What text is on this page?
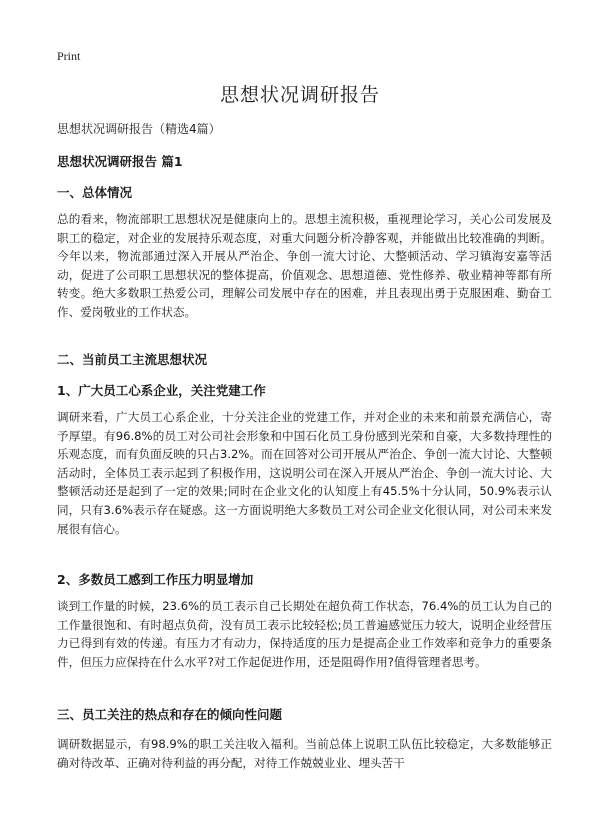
Print
思想状况调研报告
思想状况调研报告（精选4篇）
思想状况调研报告 篇1
一、总体情况

总的看来，物流部职工思想状况是健康向上的。思想主流积极，重视理论学习，关心公司发展及职工的稳定，对企业的发展持乐观态度，对重大问题分析冷静客观，并能做出比较准确的判断。今年以来，物流部通过深入开展从严治企、争创一流大讨论、大整顿活动、学习镇海安嘉等活动，促进了公司职工思想状况的整体提高，价值观念、思想道德、党性修养、敬业精神等都有所转变。绝大多数职工热爱公司，理解公司发展中存在的困难，并且表现出勇于克服困难、勤奋工作、爱岗敬业的工作状态。

二、当前员工主流思想状况
1、广大员工心系企业，关注党建工作

调研来看，广大员工心系企业，十分关注企业的党建工作，并对企业的未来和前景充满信心，寄予厚望。有96.8%的员工对公司社会形象和中国石化员工身份感到光荣和自豪，大多数持理性的乐观态度，而有负面反映的只占3.2%。而在回答对公司开展从严治企、争创一流大讨论、大整顿活动时，全体员工表示起到了积极作用，这说明公司在深入开展从严治企、争创一流大讨论、大整顿活动还是起到了一定的效果;同时在企业文化的认知度上有45.5%十分认同，50.9%表示认同，只有3.6%表示存在疑惑。这一方面说明绝大多数员工对公司企业文化很认同，对公司未来发展很有信心。

2、多数员工感到工作压力明显增加

谈到工作量的时候，23.6%的员工表示自己长期处在超负荷工作状态，76.4%的员工认为自己的工作量很饱和、有时超点负荷，没有员工表示比较轻松;员工普遍感觉压力较大，说明企业经营压力已得到有效的传递。有压力才有动力，保持适度的压力是提高企业工作效率和竞争力的重要条件，但压力应保持在什么水平?对工作起促进作用，还是阻碍作用?值得管理者思考。

三、员工关注的热点和存在的倾向性问题

调研数据显示，有98.9%的职工关注收入福利。当前总体上说职工队伍比较稳定，大多数能够正确对待改革、正确对待利益的再分配，对待工作兢兢业业、埋头苦干
